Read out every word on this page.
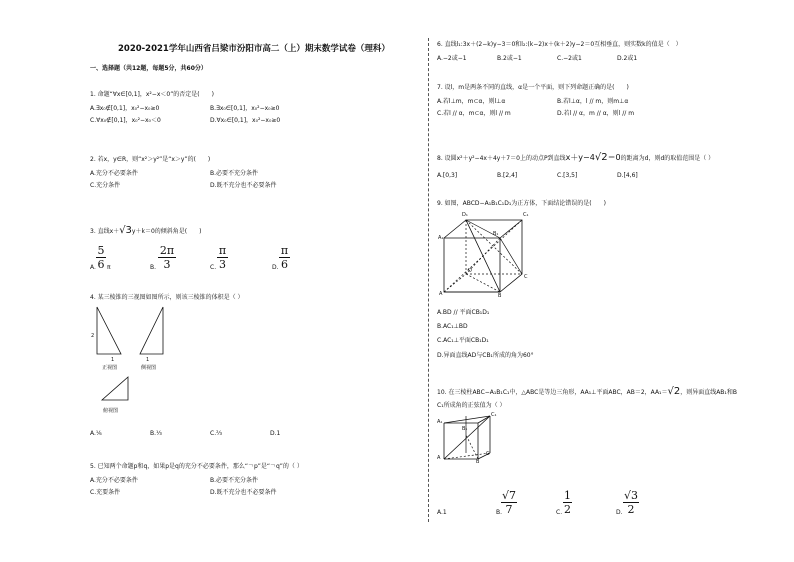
2020-2021学年山西省吕梁市汾阳市高二（上）期末数学试卷（理科）
一、选择题（共12题，每题5分，共60分）
1. 命题“∀x∈[0,1]，x²−x＜0”的否定是(　　)
A.∃x₀∉[0,1]，x₀²−x₀≥0	B.∃x₀∈[0,1]，x₀²−x₀≥0
C.∀x₀∉[0,1]，x₀²−x₀＜0	D.∀x₀∈[0,1]，x₀²−x₀≥0
2. 若x，y∈R，则“x²＞y²”是“x＞y”的(　　)
A.充分不必要条件	B.必要不充分条件
C.充分条件	D.既不充分也不必要条件
3. 直线x＋√3y＋k＝0的倾斜角是(　　)
A.
5
6 π	B.
2π
3	C.
π
3	D.
π
6
4. 某三棱锥的三视图如图所示，则该三棱锥的体积是（ ）
2
1	1
正视图	侧视图
俯视图
A.⅙	B.⅓	C.⅔	D.1
5. 已知两个命题p和q，如果p是q的充分不必要条件，那么“￢p”是“￢q”的（ ）
A.充分不必要条件	B.必要不充分条件
C.充要条件	D.既不充分也不必要条件
6. 直线l₁:3x＋(2−k)y−3＝0和l₂:(k−2)x＋(k＋2)y−2＝0互相垂直，则实数k的值是（　）
A.−2或−1	B.2或−1	C.−2或1	D.2或1
7. 设l，m是两条不同的直线，α是一个平面，则下列命题正确的是(　　)
A.若l⊥m，m⊂α，则l⊥α	B.若l⊥α，l // m，则m⊥α
C.若l // α，m⊂α，则l // m	D.若l // α，m // α，则l // m
8. 设圆x²＋y²−4x＋4y＋7＝0上的动点P到直线x＋y−4√2＝0的距离为d，则d的取值范围是（ ）
A.[0,3]	B.[2,4]	C.[3,5]	D.[4,6]
9. 如图，ABCD−A₁B₁C₁D₁为正方体，下面结论错误的是(　　)
D₁	C₁
A₁
B₁
D
C
A	B
A.BD // 平面CB₁D₁
B.AC₁⊥BD
C.AC₁⊥平面CB₁D₁
D.异面直线AD与CB₁所成的角为60°
10. 在三棱柱ABC−A₁B₁C₁中，△ABC是等边三角形，AA₁⊥平面ABC，AB＝2，AA₁＝√2，则异面直线AB₁和B
C₁所成角的正弦值为（ ）
A₁
B₁
C₁
A
B
C
A.1	B.
√7
7	C.
1
2	D.
√3
2
